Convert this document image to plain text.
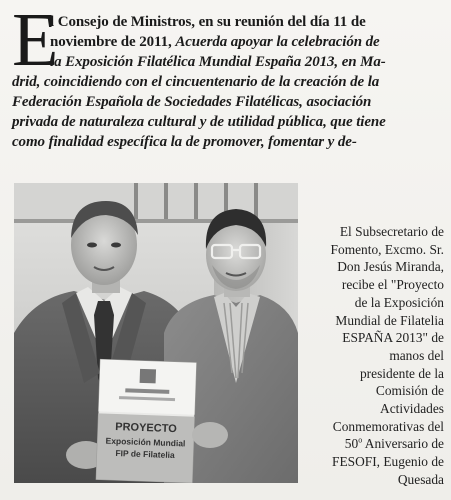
E
l Consejo de Ministros, en su reunión del día 11 de
noviembre de 2011, Acuerda apoyar la celebración de
la Exposición Filatélica Mundial España 2013, en Ma-
drid, coincidiendo con el cincuentenario de la creación de la
Federación Española de Sociedades Filatélicas, asociación
privada de naturaleza cultural y de utilidad pública, que tiene
como finalidad específica la de promover, fomentar y de-
PROYECTO
Exposición Mundial
FIP de Filatelia
El Subsecretario de
Fomento, Excmo. Sr.
Don Jesús Miranda,
recibe el "Proyecto
de la Exposición
Mundial de Filatelia
ESPAÑA 2013" de
manos del
presidente de la
Comisión de
Actividades
Conmemorativas del
50$^o$ Aniversario de
FESOFI, Eugenio de
Quesada
